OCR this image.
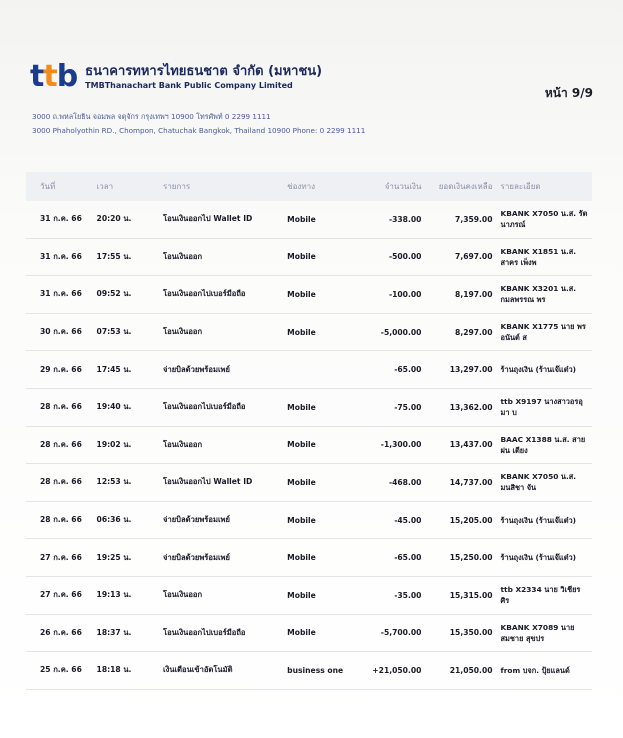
ttb ธนาคารทหารไทยธนชาต จำกัด (มหาชน)
TMBThanachart Bank Public Company Limited
หน้า 9/9
3000 ถ.พหลโยธิน จอมพล จตุจักร กรุงเทพฯ 10900 โทรศัพท์ 0 2299 1111
3000 Phaholyothin RD., Chompon, Chatuchak Bangkok, Thailand 10900 Phone: 0 2299 1111
วันที่	เวลา	รายการ	ช่องทาง	จำนวนเงิน	ยอดเงินคงเหลือ	รายละเอียด
31 ก.ค. 66	20:20 น.	โอนเงินออกไป Wallet ID	Mobile	-338.00	7,359.00	KBANK X7050 น.ส. รัตนาภรณ์
31 ก.ค. 66	17:55 น.	โอนเงินออก	Mobile	-500.00	7,697.00	KBANK X1851 น.ส. สาคร เพ็งพ
31 ก.ค. 66	09:52 น.	โอนเงินออกไปเบอร์มือถือ	Mobile	-100.00	8,197.00	KBANK X3201 น.ส. กมลพรรณ พร
30 ก.ค. 66	07:53 น.	โอนเงินออก	Mobile	-5,000.00	8,297.00	KBANK X1775 นาย พรอนันต์ ส
29 ก.ค. 66	17:45 น.	จ่ายบิลด้วยพร้อมเพย์		-65.00	13,297.00	ร้านถุงเงิน (ร้านเจ๊แต๋ว)
28 ก.ค. 66	19:40 น.	โอนเงินออกไปเบอร์มือถือ	Mobile	-75.00	13,362.00	ttb X9197 นางสาวอรอุมา บ
28 ก.ค. 66	19:02 น.	โอนเงินออก	Mobile	-1,300.00	13,437.00	BAAC X1388 น.ส. สายฝน เตียง
28 ก.ค. 66	12:53 น.	โอนเงินออกไป Wallet ID	Mobile	-468.00	14,737.00	KBANK X7050 น.ส. มนสิชา จัน
28 ก.ค. 66	06:36 น.	จ่ายบิลด้วยพร้อมเพย์	Mobile	-45.00	15,205.00	ร้านถุงเงิน (ร้านเจ๊แต๋ว)
27 ก.ค. 66	19:25 น.	จ่ายบิลด้วยพร้อมเพย์	Mobile	-65.00	15,250.00	ร้านถุงเงิน (ร้านเจ๊แต๋ว)
27 ก.ค. 66	19:13 น.	โอนเงินออก	Mobile	-35.00	15,315.00	ttb X2334 นาย วิเชียร ศิร
26 ก.ค. 66	18:37 น.	โอนเงินออกไปเบอร์มือถือ	Mobile	-5,700.00	15,350.00	KBANK X7089 นาย สมชาย สุขปร
25 ก.ค. 66	18:18 น.	เงินเดือนเข้าอัตโนมัติ	business one	+21,050.00	21,050.00	from บจก. ปุ้ยแลนด์
